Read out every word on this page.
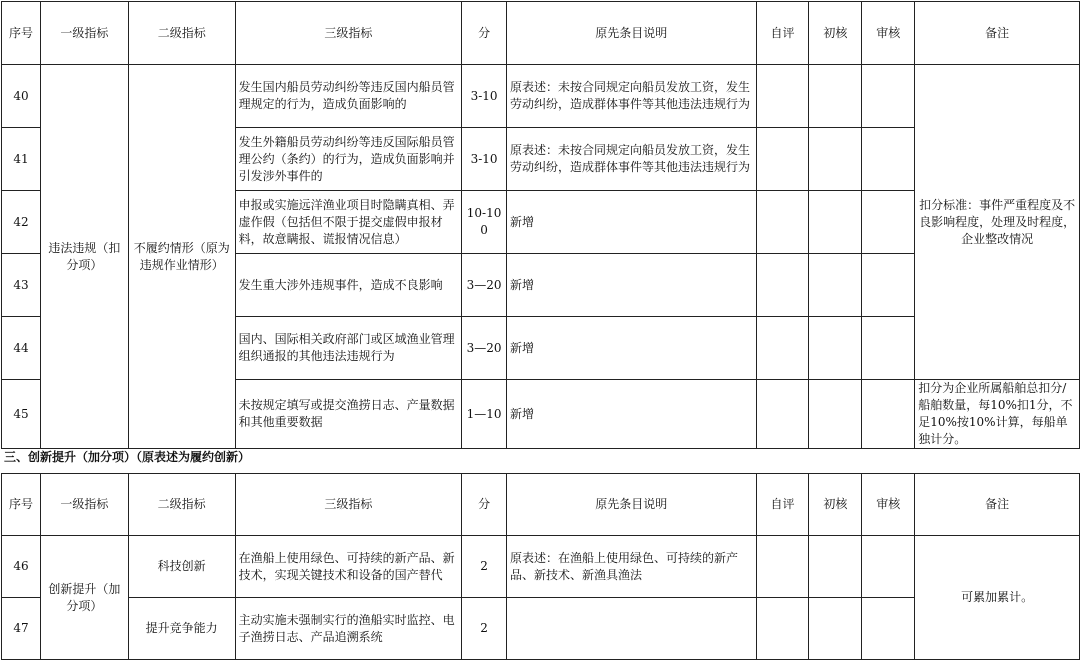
序号	一级指标	二级指标	三级指标	分	原先条目说明	自评	初核	审核	备注
40	违法违规（扣分项）	不履约情形（原为违规作业情形）	发生国内船员劳动纠纷等违反国内船员管理规定的行为，造成负面影响的	3-10	原表述：未按合同规定向船员发放工资，发生劳动纠纷，造成群体事件等其他违法违规行为				扣分标准：事件严重程度及不良影响程度，处理及时程度，企业整改情况
41			发生外籍船员劳动纠纷等违反国际船员管理公约（条约）的行为，造成负面影响并引发涉外事件的	3-10	原表述：未按合同规定向船员发放工资，发生劳动纠纷，造成群体事件等其他违法违规行为				
42			申报或实施远洋渔业项目时隐瞒真相、弄虚作假（包括但不限于提交虚假申报材料，故意瞒报、谎报情况信息）	10-100	新增				
43			发生重大涉外违规事件，造成不良影响	3—20	新增				
44			国内、国际相关政府部门或区域渔业管理组织通报的其他违法违规行为	3—20	新增				
45			未按规定填写或提交渔捞日志、产量数据和其他重要数据	1—10	新增				扣分为企业所属船舶总扣分/船舶数量，每10%扣1分，不足10%按10%计算，每船单独计分。
三、创新提升（加分项）（原表述为履约创新）
序号	一级指标	二级指标	三级指标	分	原先条目说明	自评	初核	审核	备注
46	创新提升（加分项）	科技创新	在渔船上使用绿色、可持续的新产品、新技术，实现关键技术和设备的国产替代	2	原表述：在渔船上使用绿色、可持续的新产品、新技术、新渔具渔法				可累加累计。
47		提升竞争能力	主动实施未强制实行的渔船实时监控、电子渔捞日志、产品追溯系统	2					
